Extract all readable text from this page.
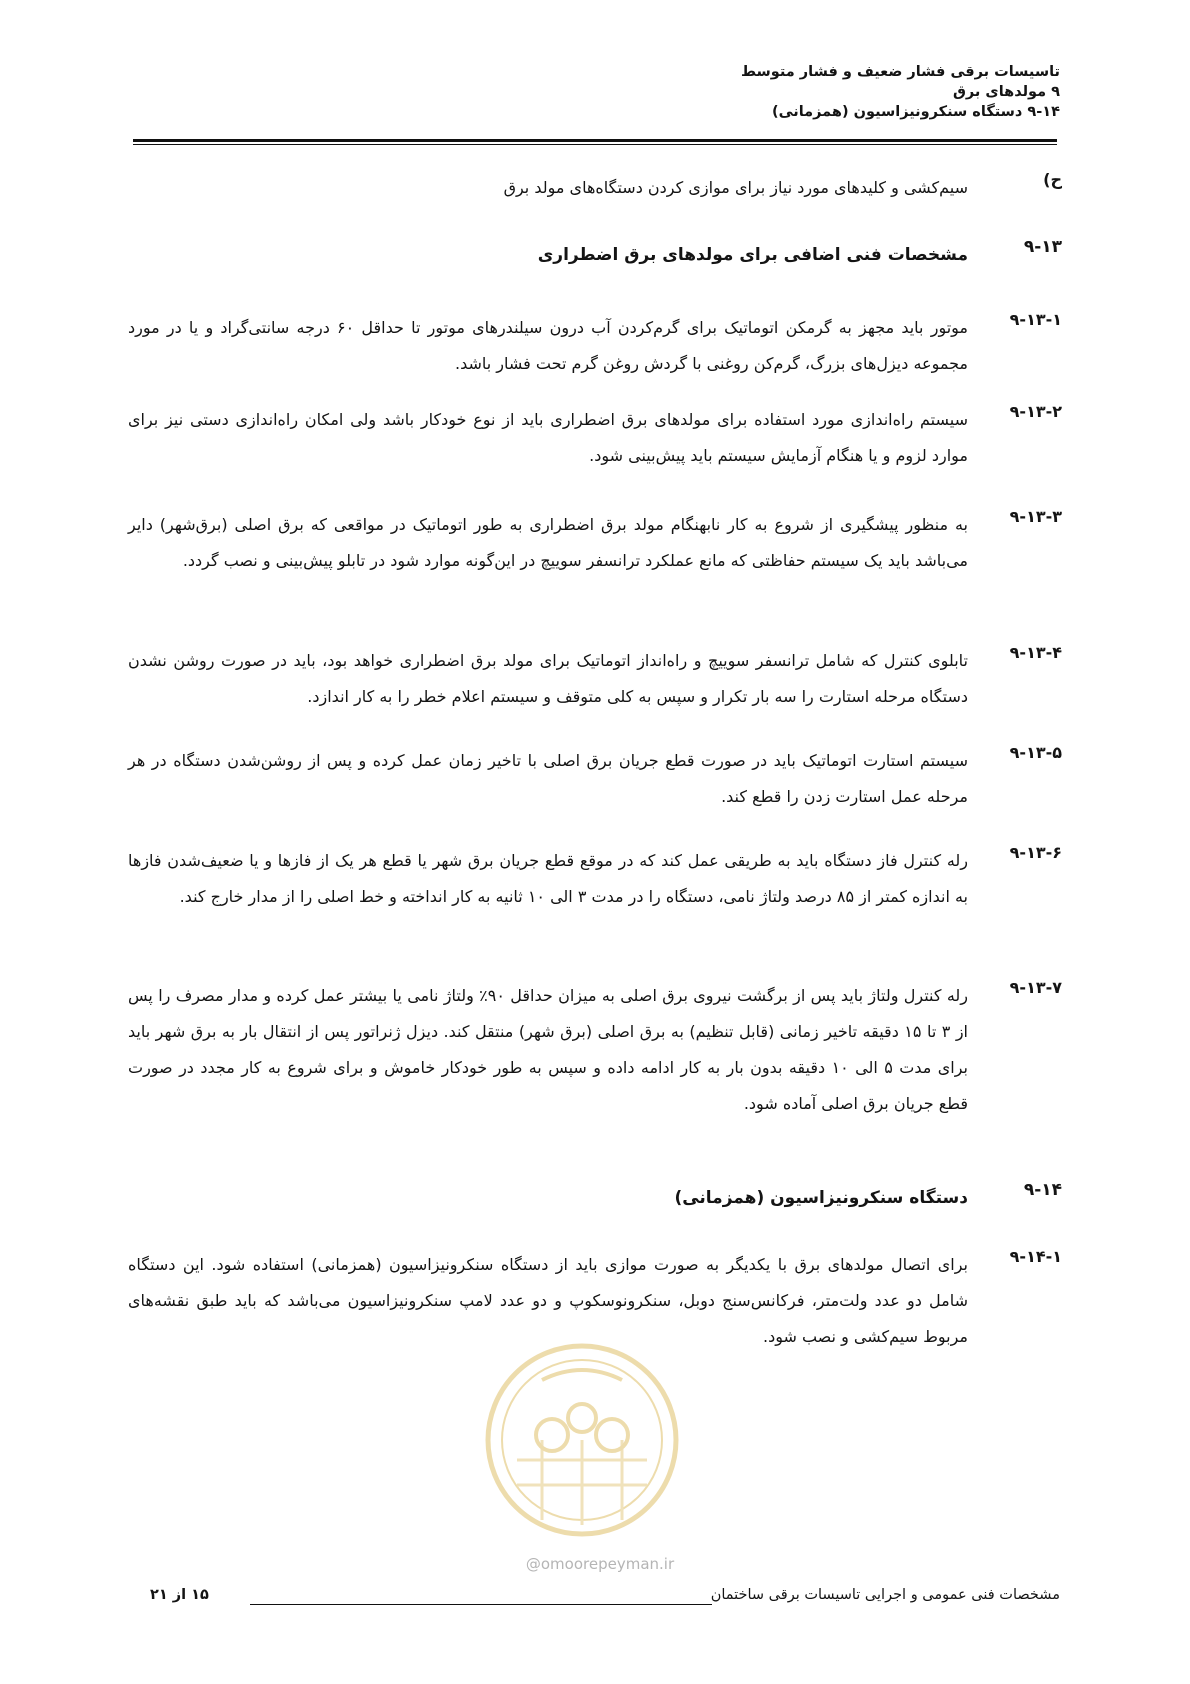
تاسیسات برقی فشار ضعیف و فشار متوسط
۹ مولدهای برق
۹-۱۴ دستگاه سنکرونیزاسیون (همزمانی)
ح)
سیم‌کشی و کلیدهای مورد نیاز برای موازی کردن دستگاه‌های مولد برق
۹-۱۳
مشخصات فنی اضافی برای مولدهای برق اضطراری
۹-۱۳-۱
موتور باید مجهز به گرمکن اتوماتیک برای گرم‌کردن آب درون سیلندرهای موتور تا حداقل ۶۰ درجه سانتی‌گراد و یا در مورد مجموعه دیزل‌های بزرگ، گرم‌کن روغنی با گردش روغن گرم تحت فشار باشد.
۹-۱۳-۲
سیستم راه‌اندازی مورد استفاده برای مولدهای برق اضطراری باید از نوع خودکار باشد ولی امکان راه‌اندازی دستی نیز برای موارد لزوم و یا هنگام آزمایش سیستم باید پیش‌بینی شود.
۹-۱۳-۳
به منظور پیشگیری از شروع به کار نابهنگام مولد برق اضطراری به طور اتوماتیک در مواقعی که برق اصلی (برق‌شهر) دایر می‌باشد باید یک سیستم حفاظتی که مانع عملکرد ترانسفر سوییچ در این‌گونه موارد شود در تابلو پیش‌بینی و نصب گردد.
۹-۱۳-۴
تابلوی کنترل که شامل ترانسفر سوییچ و راه‌انداز اتوماتیک برای مولد برق اضطراری خواهد بود، باید در صورت روشن نشدن دستگاه مرحله استارت را سه بار تکرار و سپس به کلی متوقف و سیستم اعلام خطر را به کار اندازد.
۹-۱۳-۵
سیستم استارت اتوماتیک باید در صورت قطع جریان برق اصلی با تاخیر زمان عمل کرده و پس از روشن‌شدن دستگاه در هر مرحله عمل استارت زدن را قطع کند.
۹-۱۳-۶
رله کنترل فاز دستگاه باید به طریقی عمل کند که در موقع قطع جریان برق شهر یا قطع هر یک از فازها و یا ضعیف‌شدن فازها به اندازه کمتر از ۸۵ درصد ولتاژ نامی، دستگاه را در مدت ۳ الی ۱۰ ثانیه به کار انداخته و خط اصلی را از مدار خارج کند.
۹-۱۳-۷
رله کنترل ولتاژ باید پس از برگشت نیروی برق اصلی به میزان حداقل ۹۰٪ ولتاژ نامی یا بیشتر عمل کرده و مدار مصرف را پس از ۳ تا ۱۵ دقیقه تاخیر زمانی (قابل تنظیم) به برق اصلی (برق شهر) منتقل کند. دیزل ژنراتور پس از انتقال بار به برق شهر باید برای مدت ۵ الی ۱۰ دقیقه بدون بار به کار ادامه داده و سپس به طور خودکار خاموش و برای شروع به کار مجدد در صورت قطع جریان برق اصلی آماده شود.
۹-۱۴
دستگاه سنکرونیزاسیون (همزمانی)
۹-۱۴-۱
برای اتصال مولدهای برق با یکدیگر به صورت موازی باید از دستگاه سنکرونیزاسیون (همزمانی) استفاده شود. این دستگاه شامل دو عدد ولت‌متر، فرکانس‌سنج دوبل، سنکرونوسکوپ و دو عدد لامپ سنکرونیزاسیون می‌باشد که باید طبق نقشه‌های مربوط سیم‌کشی و نصب شود.
@omoorepeyman.ir
مشخصات فنی عمومی و اجرایی تاسیسات برقی ساختمان
۱۵ از ۲۱
